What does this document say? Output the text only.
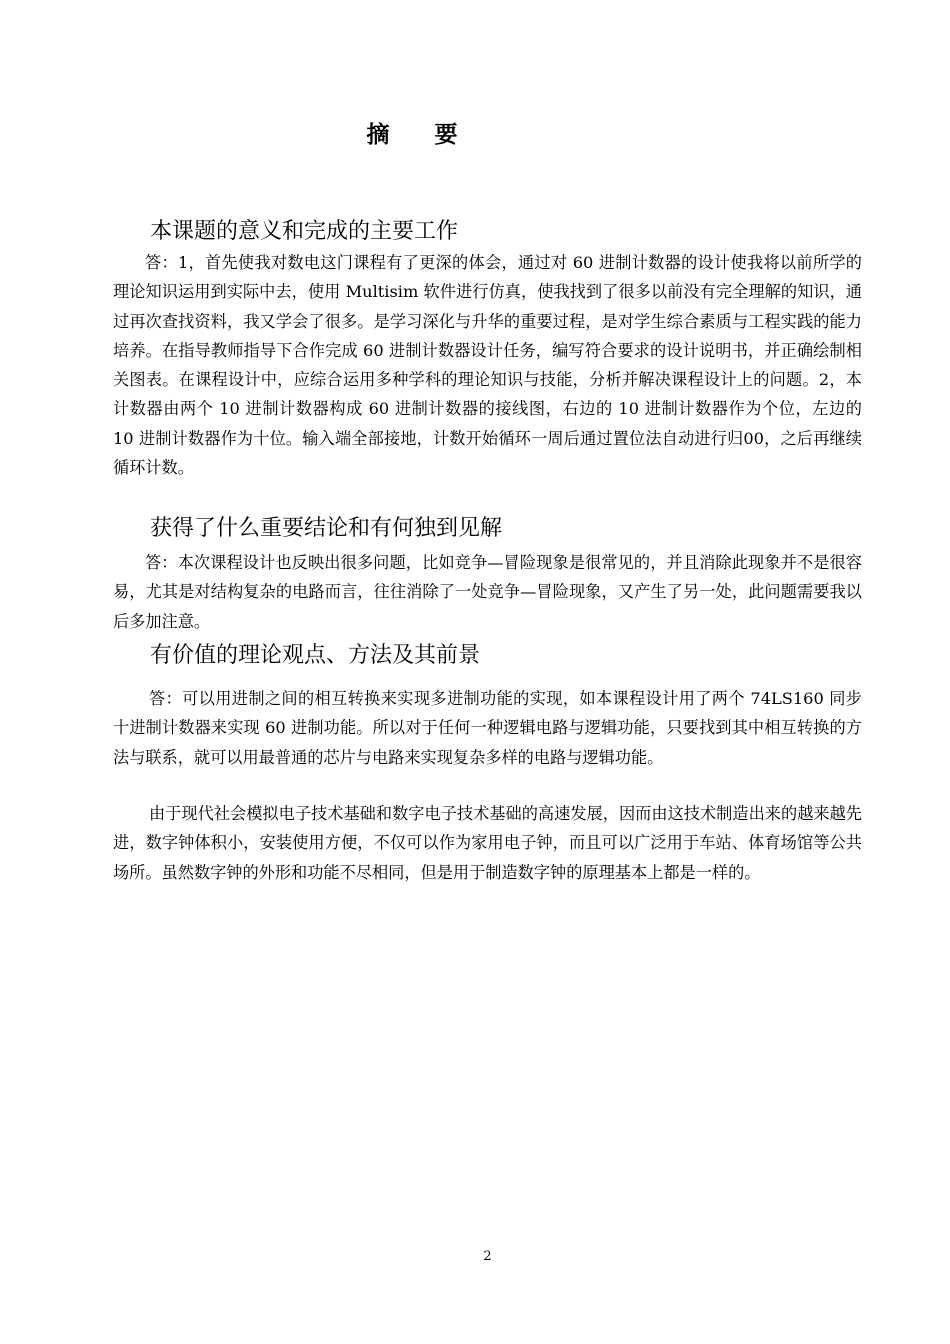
摘 要
本课题的意义和完成的主要工作

答：1，首先使我对数电这门课程有了更深的体会，通过对 60 进制计数器的设计使我将以前所学的理论知识运用到实际中去，使用 Multisim 软件进行仿真，使我找到了很多以前没有完全理解的知识，通过再次查找资料，我又学会了很多。是学习深化与升华的重要过程，是对学生综合素质与工程实践的能力培养。在指导教师指导下合作完成 60 进制计数器设计任务，编写符合要求的设计说明书，并正确绘制相关图表。在课程设计中，应综合运用多种学科的理论知识与技能，分析并解决课程设计上的问题。2，本计数器由两个 10 进制计数器构成 60 进制计数器的接线图，右边的 10 进制计数器作为个位，左边的 10 进制计数器作为十位。输入端全部接地，计数开始循环一周后通过置位法自动进行归00，之后再继续循环计数。

获得了什么重要结论和有何独到见解

答：本次课程设计也反映出很多问题，比如竞争—冒险现象是很常见的，并且消除此现象并不是很容易，尤其是对结构复杂的电路而言，往往消除了一处竞争—冒险现象，又产生了另一处，此问题需要我以后多加注意。

有价值的理论观点、方法及其前景

答：可以用进制之间的相互转换来实现多进制功能的实现，如本课程设计用了两个 74LS160 同步十进制计数器来实现 60 进制功能。所以对于任何一种逻辑电路与逻辑功能，只要找到其中相互转换的方法与联系，就可以用最普通的芯片与电路来实现复杂多样的电路与逻辑功能。

由于现代社会模拟电子技术基础和数字电子技术基础的高速发展，因而由这技术制造出来的越来越先进，数字钟体积小，安装使用方便，不仅可以作为家用电子钟，而且可以广泛用于车站、体育场馆等公共场所。虽然数字钟的外形和功能不尽相同，但是用于制造数字钟的原理基本上都是一样的。

2
